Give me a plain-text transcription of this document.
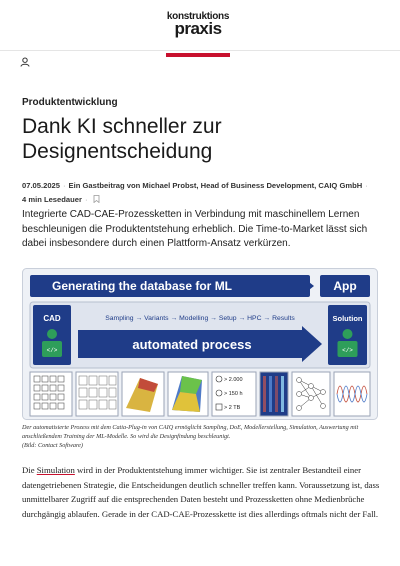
konstruktions
praxis
Produktentwicklung
Dank KI schneller zur Designentscheidung
07.05.2025 · Ein Gastbeitrag von Michael Probst, Head of Business Development, CAIQ GmbH ·
4 min Lesedauer ·

Integrierte CAD-CAE-Prozessketten in Verbindung mit maschinellem Lernen beschleunigen die Produktentstehung erheblich. Die Time-to-Market lässt sich dabei insbesondere durch einen Plattform-Ansatz verkürzen.

Generating the database for ML	App
CAD
</>
Solution
</>
Sampling → Variants → Modelling → Setup → HPC → Results
automated process
> 2.000
> 150 h
> 2 TB
Der automatisierte Prozess mit dem Catia-Plug-in von CAIQ ermöglicht Sampling, DoE, Modellerstellung, Simulation, Auswertung mit anschließendem Training der ML-Modelle. So wird die Designfindung beschleunigt.
(Bild: Contact Software)

Die Simulation wird in der Produktentstehung immer wichtiger. Sie ist zentraler Bestandteil einer datengetriebenen Strategie, die Entscheidungen deutlich schneller treffen kann. Voraussetzung ist, dass unmittelbarer Zugriff auf die entsprechenden Daten besteht und Prozessketten ohne Medienbrüche durchgängig ablaufen. Gerade in der CAD-CAE-Prozesskette ist dies allerdings oftmals nicht der Fall.
